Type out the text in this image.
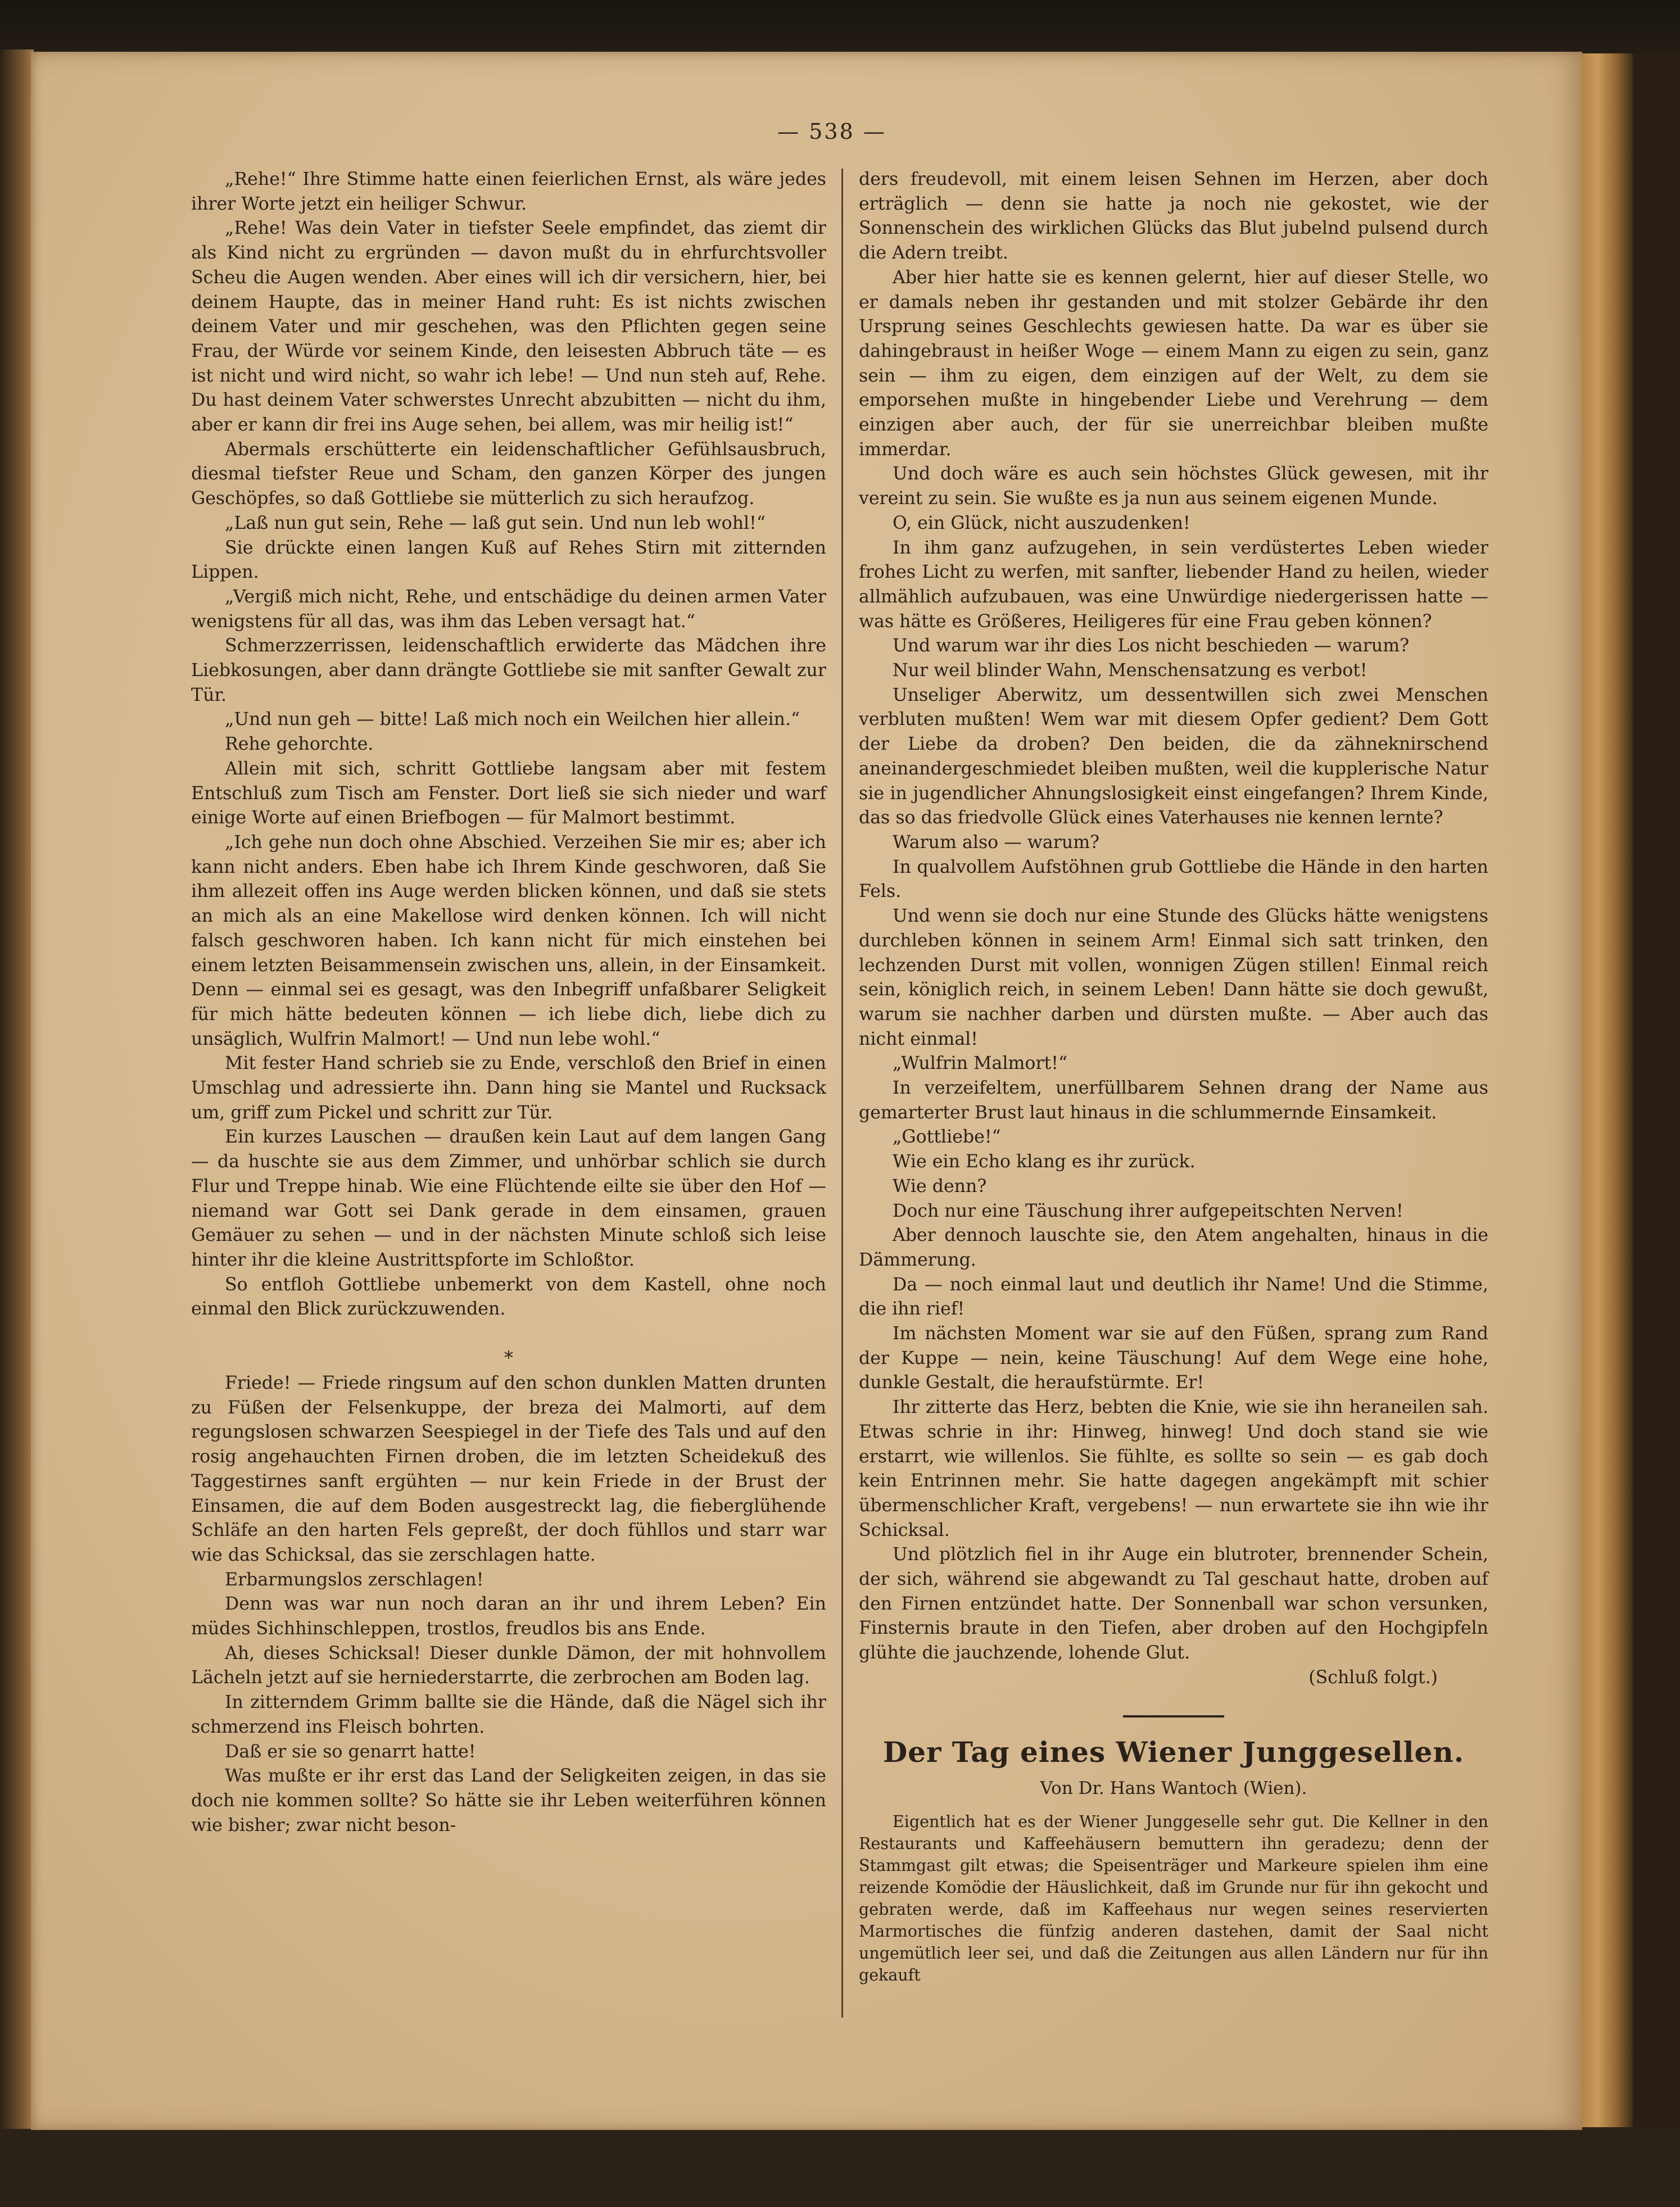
— 538 —

„Rehe!“ Ihre Stimme hatte einen feierlichen Ernst, als wäre jedes ihrer Worte jetzt ein heiliger Schwur.

„Rehe! Was dein Vater in tiefster Seele empfindet, das ziemt dir als Kind nicht zu ergründen — davon mußt du in ehrfurchtsvoller Scheu die Augen wenden. Aber eines will ich dir versichern, hier, bei deinem Haupte, das in meiner Hand ruht: Es ist nichts zwischen deinem Vater und mir geschehen, was den Pflichten gegen seine Frau, der Würde vor seinem Kinde, den leisesten Abbruch täte — es ist nicht und wird nicht, so wahr ich lebe! — Und nun steh auf, Rehe. Du hast deinem Vater schwerstes Unrecht abzubitten — nicht du ihm, aber er kann dir frei ins Auge sehen, bei allem, was mir heilig ist!“

Abermals erschütterte ein leidenschaftlicher Gefühlsausbruch, diesmal tiefster Reue und Scham, den ganzen Körper des jungen Geschöpfes, so daß Gottliebe sie mütterlich zu sich heraufzog.

„Laß nun gut sein, Rehe — laß gut sein. Und nun leb wohl!“

Sie drückte einen langen Kuß auf Rehes Stirn mit zitternden Lippen.

„Vergiß mich nicht, Rehe, und entschädige du deinen armen Vater wenigstens für all das, was ihm das Leben versagt hat.“

Schmerzzerrissen, leidenschaftlich erwiderte das Mädchen ihre Liebkosungen, aber dann drängte Gottliebe sie mit sanfter Gewalt zur Tür.

„Und nun geh — bitte! Laß mich noch ein Weilchen hier allein.“

Rehe gehorchte.

Allein mit sich, schritt Gottliebe langsam aber mit festem Entschluß zum Tisch am Fenster. Dort ließ sie sich nieder und warf einige Worte auf einen Briefbogen — für Malmort bestimmt.

„Ich gehe nun doch ohne Abschied. Verzeihen Sie mir es; aber ich kann nicht anders. Eben habe ich Ihrem Kinde geschworen, daß Sie ihm allezeit offen ins Auge werden blicken können, und daß sie stets an mich als an eine Makellose wird denken können. Ich will nicht falsch geschworen haben. Ich kann nicht für mich einstehen bei einem letzten Beisammensein zwischen uns, allein, in der Einsamkeit. Denn — einmal sei es gesagt, was den Inbegriff unfaßbarer Seligkeit für mich hätte bedeuten können — ich liebe dich, liebe dich zu unsäglich, Wulfrin Malmort! — Und nun lebe wohl.“

Mit fester Hand schrieb sie zu Ende, verschloß den Brief in einen Umschlag und adressierte ihn. Dann hing sie Mantel und Rucksack um, griff zum Pickel und schritt zur Tür.

Ein kurzes Lauschen — draußen kein Laut auf dem langen Gang — da huschte sie aus dem Zimmer, und unhörbar schlich sie durch Flur und Treppe hinab. Wie eine Flüchtende eilte sie über den Hof — niemand war Gott sei Dank gerade in dem einsamen, grauen Gemäuer zu sehen — und in der nächsten Minute schloß sich leise hinter ihr die kleine Austrittspforte im Schloßtor.

So entfloh Gottliebe unbemerkt von dem Kastell, ohne noch einmal den Blick zurückzuwenden.

*

Friede! — Friede ringsum auf den schon dunklen Matten drunten zu Füßen der Felsenkuppe, der breza dei Malmorti, auf dem regungslosen schwarzen Seespiegel in der Tiefe des Tals und auf den rosig angehauchten Firnen droben, die im letzten Scheidekuß des Taggestirnes sanft ergühten — nur kein Friede in der Brust der Einsamen, die auf dem Boden ausgestreckt lag, die fieberglühende Schläfe an den harten Fels gepreßt, der doch fühllos und starr war wie das Schicksal, das sie zerschlagen hatte.

Erbarmungslos zerschlagen!

Denn was war nun noch daran an ihr und ihrem Leben? Ein müdes Sichhinschleppen, trostlos, freudlos bis ans Ende.

Ah, dieses Schicksal! Dieser dunkle Dämon, der mit hohnvollem Lächeln jetzt auf sie herniederstarrte, die zerbrochen am Boden lag.

In zitterndem Grimm ballte sie die Hände, daß die Nägel sich ihr schmerzend ins Fleisch bohrten.

Daß er sie so genarrt hatte!

Was mußte er ihr erst das Land der Seligkeiten zeigen, in das sie doch nie kommen sollte? So hätte sie ihr Leben weiterführen können wie bisher; zwar nicht beson-

ders freudevoll, mit einem leisen Sehnen im Herzen, aber doch erträglich — denn sie hatte ja noch nie gekostet, wie der Sonnenschein des wirklichen Glücks das Blut jubelnd pulsend durch die Adern treibt.

Aber hier hatte sie es kennen gelernt, hier auf dieser Stelle, wo er damals neben ihr gestanden und mit stolzer Gebärde ihr den Ursprung seines Geschlechts gewiesen hatte. Da war es über sie dahingebraust in heißer Woge — einem Mann zu eigen zu sein, ganz sein — ihm zu eigen, dem einzigen auf der Welt, zu dem sie emporsehen mußte in hingebender Liebe und Verehrung — dem einzigen aber auch, der für sie unerreichbar bleiben mußte immerdar.

Und doch wäre es auch sein höchstes Glück gewesen, mit ihr vereint zu sein. Sie wußte es ja nun aus seinem eigenen Munde.

O, ein Glück, nicht auszudenken!

In ihm ganz aufzugehen, in sein verdüstertes Leben wieder frohes Licht zu werfen, mit sanfter, liebender Hand zu heilen, wieder allmählich aufzubauen, was eine Unwürdige niedergerissen hatte — was hätte es Größeres, Heiligeres für eine Frau geben können?

Und warum war ihr dies Los nicht beschieden — warum?

Nur weil blinder Wahn, Menschensatzung es verbot!

Unseliger Aberwitz, um dessentwillen sich zwei Menschen verbluten mußten! Wem war mit diesem Opfer gedient? Dem Gott der Liebe da droben? Den beiden, die da zähneknirschend aneinandergeschmiedet bleiben mußten, weil die kupplerische Natur sie in jugendlicher Ahnungslosigkeit einst eingefangen? Ihrem Kinde, das so das friedvolle Glück eines Vaterhauses nie kennen lernte?

Warum also — warum?

In qualvollem Aufstöhnen grub Gottliebe die Hände in den harten Fels.

Und wenn sie doch nur eine Stunde des Glücks hätte wenigstens durchleben können in seinem Arm! Einmal sich satt trinken, den lechzenden Durst mit vollen, wonnigen Zügen stillen! Einmal reich sein, königlich reich, in seinem Leben! Dann hätte sie doch gewußt, warum sie nachher darben und dürsten mußte. — Aber auch das nicht einmal!

„Wulfrin Malmort!“

In verzeifeltem, unerfüllbarem Sehnen drang der Name aus gemarterter Brust laut hinaus in die schlummernde Einsamkeit.

„Gottliebe!“

Wie ein Echo klang es ihr zurück.

Wie denn?

Doch nur eine Täuschung ihrer aufgepeitschten Nerven!

Aber dennoch lauschte sie, den Atem angehalten, hinaus in die Dämmerung.

Da — noch einmal laut und deutlich ihr Name! Und die Stimme, die ihn rief!

Im nächsten Moment war sie auf den Füßen, sprang zum Rand der Kuppe — nein, keine Täuschung! Auf dem Wege eine hohe, dunkle Gestalt, die heraufstürmte. Er!

Ihr zitterte das Herz, bebten die Knie, wie sie ihn heraneilen sah. Etwas schrie in ihr: Hinweg, hinweg! Und doch stand sie wie erstarrt, wie willenlos. Sie fühlte, es sollte so sein — es gab doch kein Entrinnen mehr. Sie hatte dagegen angekämpft mit schier übermenschlicher Kraft, vergebens! — nun erwartete sie ihn wie ihr Schicksal.

Und plötzlich fiel in ihr Auge ein blutroter, brennender Schein, der sich, während sie abgewandt zu Tal geschaut hatte, droben auf den Firnen entzündet hatte. Der Sonnenball war schon versunken, Finsternis braute in den Tiefen, aber droben auf den Hochgipfeln glühte die jauchzende, lohende Glut.

(Schluß folgt.)

Der Tag eines Wiener Junggesellen.
Von Dr. Hans Wantoch (Wien).

Eigentlich hat es der Wiener Junggeselle sehr gut. Die Kellner in den Restaurants und Kaffeehäusern bemuttern ihn geradezu; denn der Stammgast gilt etwas; die Speisenträger und Markeure spielen ihm eine reizende Komödie der Häuslichkeit, daß im Grunde nur für ihn gekocht und gebraten werde, daß im Kaffeehaus nur wegen seines reservierten Marmortisches die fünfzig anderen dastehen, damit der Saal nicht ungemütlich leer sei, und daß die Zeitungen aus allen Ländern nur für ihn gekauft
